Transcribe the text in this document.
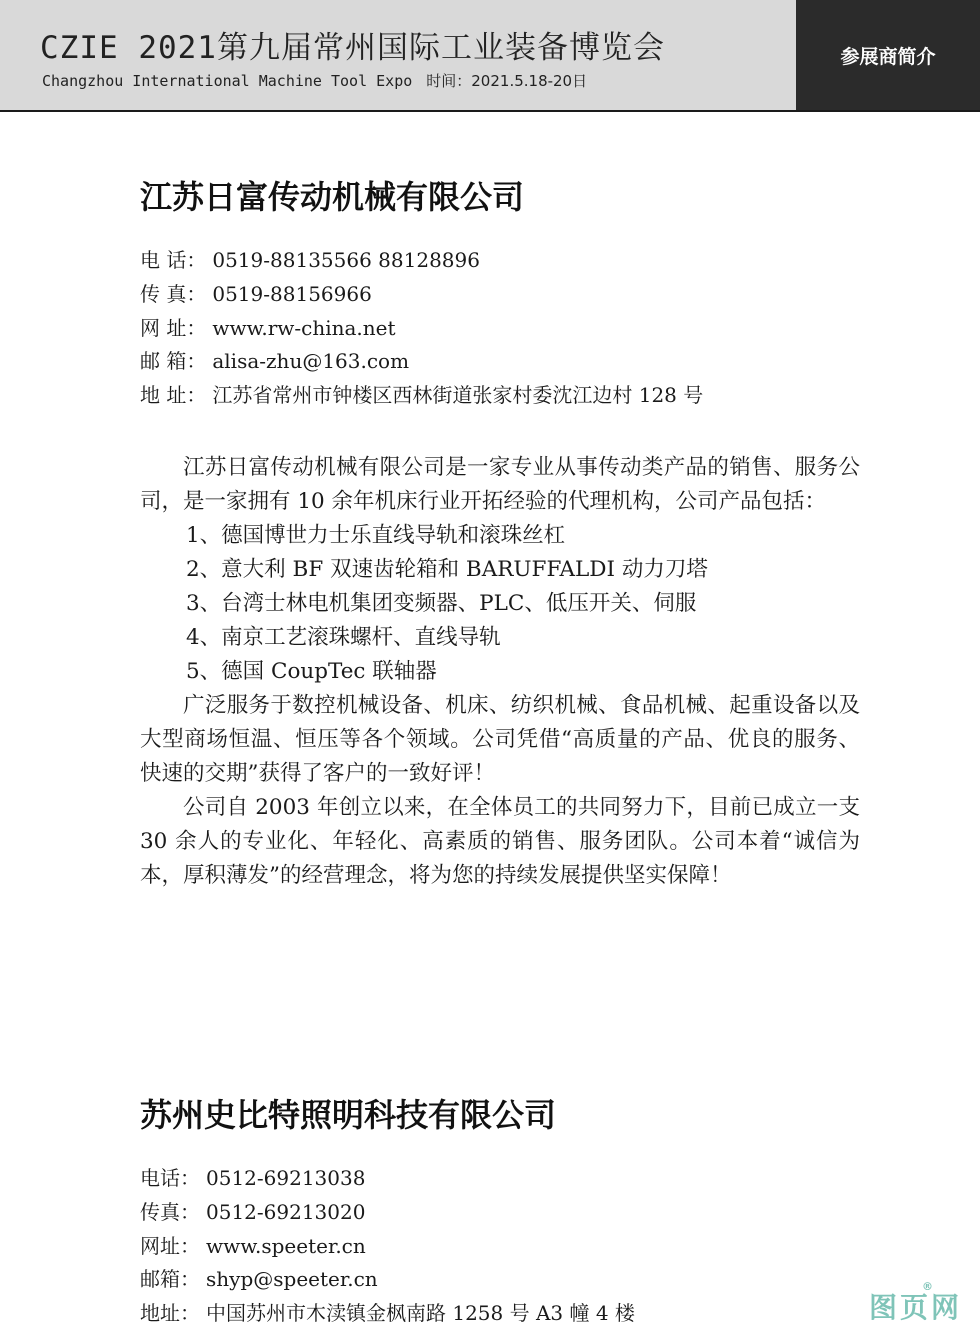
CZIE 2021第九届常州国际工业装备博览会
Changzhou International Machine Tool Expo 时间：2021.5.18-20日
参展商简介
江苏日富传动机械有限公司
电 话： 0519-88135566 88128896
传 真： 0519-88156966
网 址： www.rw-china.net
邮 箱： alisa-zhu@163.com
地 址： 江苏省常州市钟楼区西林街道张家村委沈江边村 128 号
江苏日富传动机械有限公司是一家专业从事传动类产品的销售、服务公司，是一家拥有 10 余年机床行业开拓经验的代理机构，公司产品包括：
1、德国博世力士乐直线导轨和滚珠丝杠
2、意大利 BF 双速齿轮箱和 BARUFFALDI 动力刀塔
3、台湾士林电机集团变频器、PLC、低压开关、伺服
4、南京工艺滚珠螺杆、直线导轨
5、德国 CoupTec 联轴器
广泛服务于数控机械设备、机床、纺织机械、食品机械、起重设备以及大型商场恒温、恒压等各个领域。公司凭借“高质量的产品、优良的服务、快速的交期”获得了客户的一致好评！
公司自 2003 年创立以来，在全体员工的共同努力下，目前已成立一支 30 余人的专业化、年轻化、高素质的销售、服务团队。公司本着“诚信为本，厚积薄发”的经营理念，将为您的持续发展提供坚实保障！
苏州史比特照明科技有限公司
电话： 0512-69213038
传真： 0512-69213020
网址： www.speeter.cn
邮箱： shyp@speeter.cn
地址： 中国苏州市木渎镇金枫南路 1258 号 A3 幢 4 楼	图页网
®
